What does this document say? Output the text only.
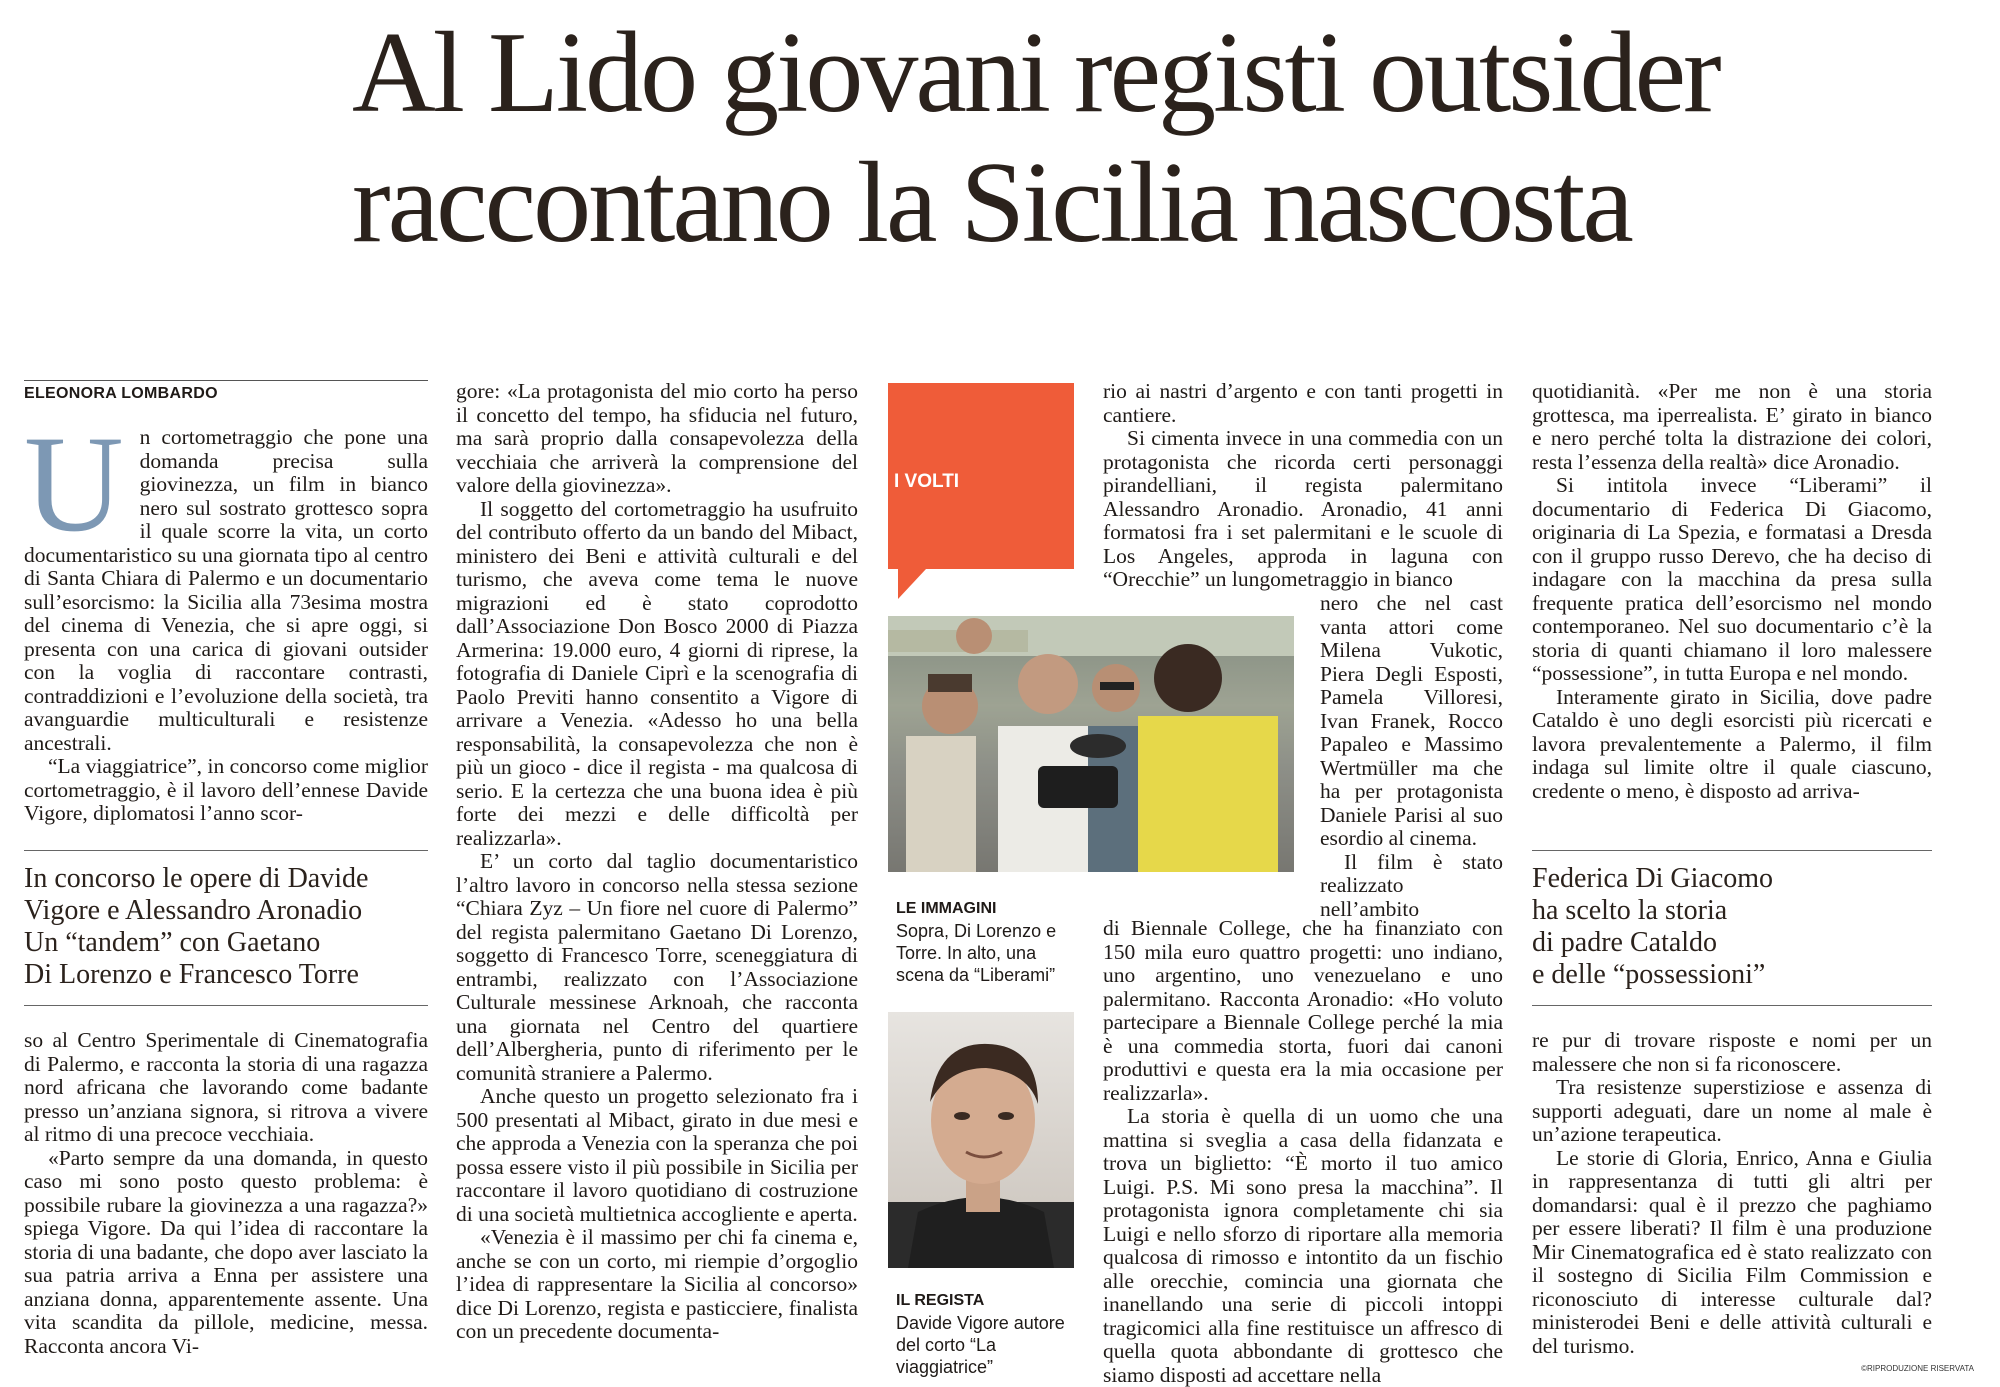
Al Lido giovani registi outsider
raccontano la Sicilia nascosta
ELEONORA LOMBARDO

Un cortometraggio che pone una domanda precisa sulla giovinezza, un film in bianco nero sul sostrato grottesco sopra il quale scorre la vita, un corto documentaristico su una giornata tipo al centro di Santa Chiara di Palermo e un documentario sull’esorcismo: la Sicilia alla 73esima mostra del cinema di Venezia, che si apre oggi, si presenta con una carica di giovani outsider con la voglia di raccontare contrasti, contraddizioni e l’evoluzione della società, tra avanguardie multiculturali e resistenze ancestrali.

“La viaggiatrice”, in concorso come miglior cortometraggio, è il lavoro dell’ennese Davide Vigore, diplomatosi l’anno scor-

In concorso le opere di Davide
Vigore e Alessandro Aronadio
Un “tandem” con Gaetano
Di Lorenzo e Francesco Torre

so al Centro Sperimentale di Cinematografia di Palermo, e racconta la storia di una ragazza nord africana che lavorando come badante presso un’anziana signora, si ritrova a vivere al ritmo di una precoce vecchiaia.

«Parto sempre da una domanda, in questo caso mi sono posto questo problema: è possibile rubare la giovinezza a una ragazza?» spiega Vigore. Da qui l’idea di raccontare la storia di una badante, che dopo aver lasciato la sua patria arriva a Enna per assistere una anziana donna, apparentemente assente. Una vita scandita da pillole, medicine, messa. Racconta ancora Vi-

gore: «La protagonista del mio corto ha perso il concetto del tempo, ha sfiducia nel futuro, ma sarà proprio dalla consapevolezza della vecchiaia che arriverà la comprensione del valore della giovinezza».

Il soggetto del cortometraggio ha usufruito del contributo offerto da un bando del Mibact, ministero dei Beni e attività culturali e del turismo, che aveva come tema le nuove migrazioni ed è stato coprodotto dall’Associazione Don Bosco 2000 di Piazza Armerina: 19.000 euro, 4 giorni di riprese, la fotografia di Daniele Ciprì e la scenografia di Paolo Previti hanno consentito a Vigore di arrivare a Venezia. «Adesso ho una bella responsabilità, la consapevolezza che non è più un gioco - dice il regista - ma qualcosa di serio. E la certezza che una buona idea è più forte dei mezzi e delle difficoltà per realizzarla».

E’ un corto dal taglio documentaristico l’altro lavoro in concorso nella stessa sezione “Chiara Zyz – Un fiore nel cuore di Palermo” del regista palermitano Gaetano Di Lorenzo, soggetto di Francesco Torre, sceneggiatura di entrambi, realizzato con l’Associazione Culturale messinese Arknoah, che racconta una giornata nel Centro del quartiere dell’Albergheria, punto di riferimento per le comunità straniere a Palermo.

Anche questo un progetto selezionato fra i 500 presentati al Mibact, girato in due mesi e che approda a Venezia con la speranza che poi possa essere visto il più possibile in Sicilia per raccontare il lavoro quotidiano di costruzione di una società multietnica accogliente e aperta.

«Venezia è il massimo per chi fa cinema e, anche se con un corto, mi riempie d’orgoglio l’idea di rappresentare la Sicilia al concorso» dice Di Lorenzo, regista e pasticciere, finalista con un precedente documenta-

I VOLTI
LE IMMAGINI
Sopra, Di Lorenzo e Torre. In alto, una scena da “Liberami”
IL REGISTA
Davide Vigore autore del corto “La viaggiatrice”

rio ai nastri d’argento e con tanti progetti in cantiere.

Si cimenta invece in una commedia con un protagonista che ricorda certi personaggi pirandelliani, il regista palermitano Alessandro Aronadio. Aronadio, 41 anni formatosi fra i set palermitani e le scuole di Los Angeles, approda in laguna con “Orecchie” un lungometraggio in bianco

nero che nel cast vanta attori come Milena Vukotic, Piera Degli Esposti, Pamela Villoresi, Ivan Franek, Rocco Papaleo e Massimo Wertmüller ma che ha per protagonista Daniele Parisi al suo esordio al cinema.

Il film è stato realizzato nell’ambito

di Biennale College, che ha finanziato con 150 mila euro quattro progetti: uno indiano, uno argentino, uno venezuelano e uno palermitano. Racconta Aronadio: «Ho voluto partecipare a Biennale College perché la mia è una commedia storta, fuori dai canoni produttivi e questa era la mia occasione per realizzarla».

La storia è quella di un uomo che una mattina si sveglia a casa della fidanzata e trova un biglietto: “È morto il tuo amico Luigi. P.S. Mi sono presa la macchina”. Il protagonista ignora completamente chi sia Luigi e nello sforzo di riportare alla memoria qualcosa di rimosso e intontito da un fischio alle orecchie, comincia una giornata che inanellando una serie di piccoli intoppi tragicomici alla fine restituisce un affresco di quella quota abbondante di grottesco che siamo disposti ad accettare nella

quotidianità. «Per me non è una storia grottesca, ma iperrealista. E’ girato in bianco e nero perché tolta la distrazione dei colori, resta l’essenza della realtà» dice Aronadio.

Si intitola invece “Liberami” il documentario di Federica Di Giacomo, originaria di La Spezia, e formatasi a Dresda con il gruppo russo Derevo, che ha deciso di indagare con la macchina da presa sulla frequente pratica dell’esorcismo nel mondo contemporaneo. Nel suo documentario c’è la storia di quanti chiamano il loro malessere “possessione”, in tutta Europa e nel mondo.

Interamente girato in Sicilia, dove padre Cataldo è uno degli esorcisti più ricercati e lavora prevalentemente a Palermo, il film indaga sul limite oltre il quale ciascuno, credente o meno, è disposto ad arriva-

Federica Di Giacomo
ha scelto la storia
di padre Cataldo
e delle “possessioni”

re pur di trovare risposte e nomi per un malessere che non si fa riconoscere.

Tra resistenze superstiziose e assenza di supporti adeguati, dare un nome al male è un’azione terapeutica.

Le storie di Gloria, Enrico, Anna e Giulia in rappresentanza di tutti gli altri per domandarsi: qual è il prezzo che paghiamo per essere liberati? Il film è una produzione Mir Cinematografica ed è stato realizzato con il sostegno di Sicilia Film Commission e riconosciuto di interesse culturale dal?ministerodei Beni e delle attività culturali e del turismo.

©RIPRODUZIONE RISERVATA
